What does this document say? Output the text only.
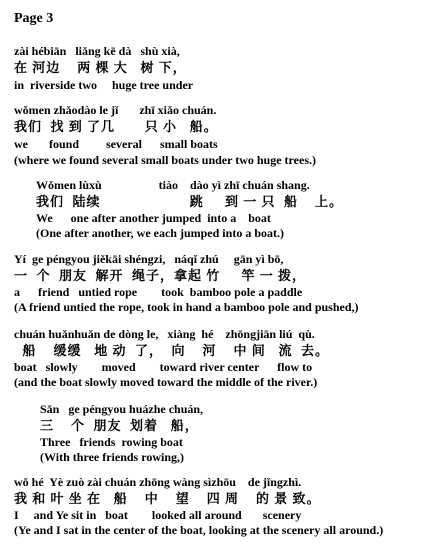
Page 3
zài hébiān   liǎng kē dà   shù xià,
在 河边    两 棵 大   树 下，
in  riverside two     huge tree under
wǒmen zhǎodào le jǐ       zhī xiǎo chuán.
我们  找 到 了几       只 小   船。
we       found         several      small boats
(where we found several small boats under two huge trees.)
Wǒmen lùxù                   tiào    dào yì zhī chuán shang.
我们  陆续                     跳     到 一 只  船    上。
We      one after another jumped  into a    boat
(One after another, we each jumped into a boat.)
Yí  ge péngyou jiěkāi shéngzi,   náqǐ zhú     gān yì bō,
一  个  朋友  解开  绳子，拿起 竹     竿 一 拨，
a      friend   untied rope        took  bamboo pole a paddle
(A friend untied the rope, took in hand a bamboo pole and pushed,)
chuán huǎnhuǎn de dòng le,   xiàng  hé    zhōngjiān liú  qù.
船    缓缓   地 动  了，  向    河    中 间   流  去。
boat   slowly        moved        toward river center      flow to
(and the boat slowly moved toward the middle of the river.)
Sān   ge péngyou huázhe chuán,
三    个  朋友  划着   船，
Three   friends  rowing boat
(With three friends rowing,)
wǒ hé  Yè zuò zài chuán zhōng wàng sìzhōu    de jǐngzhì.
我 和 叶 坐 在   船    中    望    四 周    的 景 致。
I     and Ye sit in   boat        looked all around       scenery
(Ye and I sat in the center of the boat, looking at the scenery all around.)
